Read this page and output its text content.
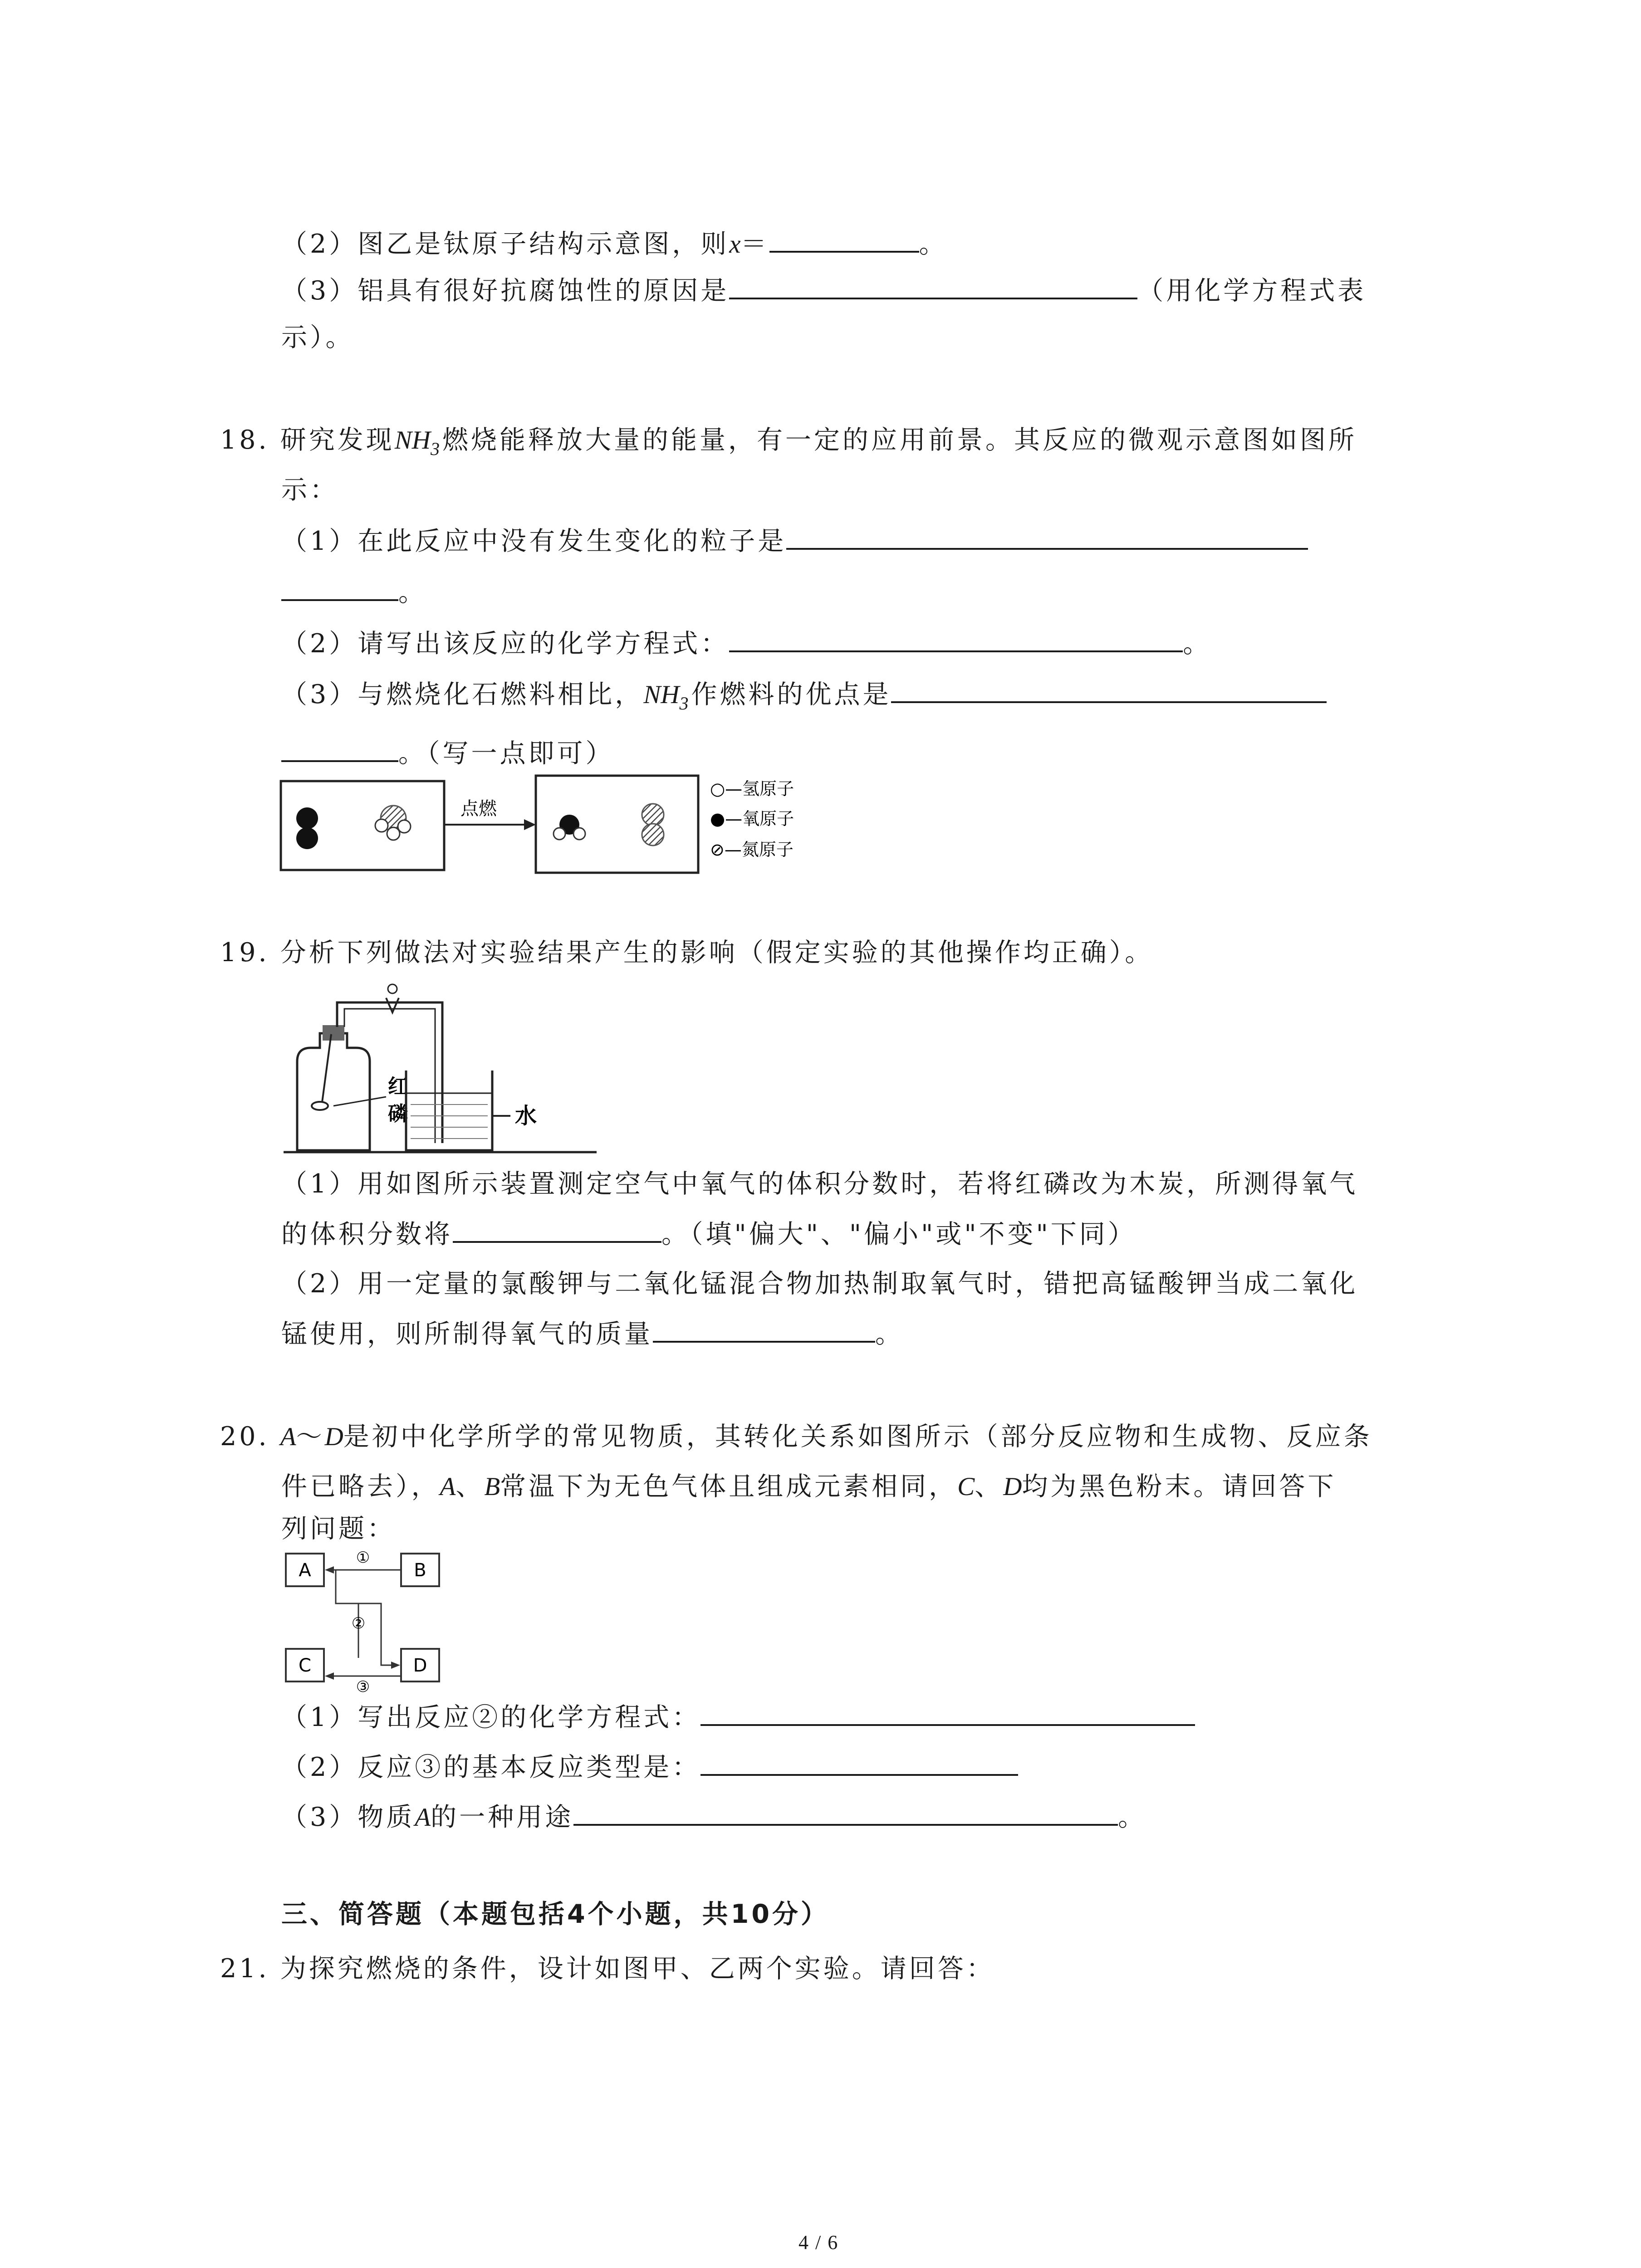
（2）图乙是钛原子结构示意图，则x＝	。
（3）铝具有很好抗腐蚀性的原因是	（用化学方程式表
示）。
18. 研究发现$NH_3$燃烧能释放大量的能量，有一定的应用前景。其反应的微观示意图如图所
示：
（1）在此反应中没有发生变化的粒子是
。
（2）请写出该反应的化学方程式：	。
（3）与燃烧化石燃料相比，$NH_3$作燃料的优点是
。（写一点即可）
点燃
○—氢原子
●—氧原子
⊘—氮原子
19. 分析下列做法对实验结果产生的影响（假定实验的其他操作均正确）。
红
磷	水
（1）用如图所示装置测定空气中氧气的体积分数时，若将红磷改为木炭，所测得氧气
的体积分数将	。（填"偏大"、"偏小"或"不变"下同）
（2）用一定量的氯酸钾与二氧化锰混合物加热制取氧气时，错把高锰酸钾当成二氧化
锰使用，则所制得氧气的质量	。
20. A～D是初中化学所学的常见物质，其转化关系如图所示（部分反应物和生成物、反应条
件已略去），A、B常温下为无色气体且组成元素相同，C、D均为黑色粉末。请回答下
列问题：
A	B
C	D
①
②
③
（1）写出反应②的化学方程式：
（2）反应③的基本反应类型是：
（3）物质A的一种用途	。
三、简答题（本题包括4个小题，共10分）
21. 为探究燃烧的条件，设计如图甲、乙两个实验。请回答：
4 / 6
